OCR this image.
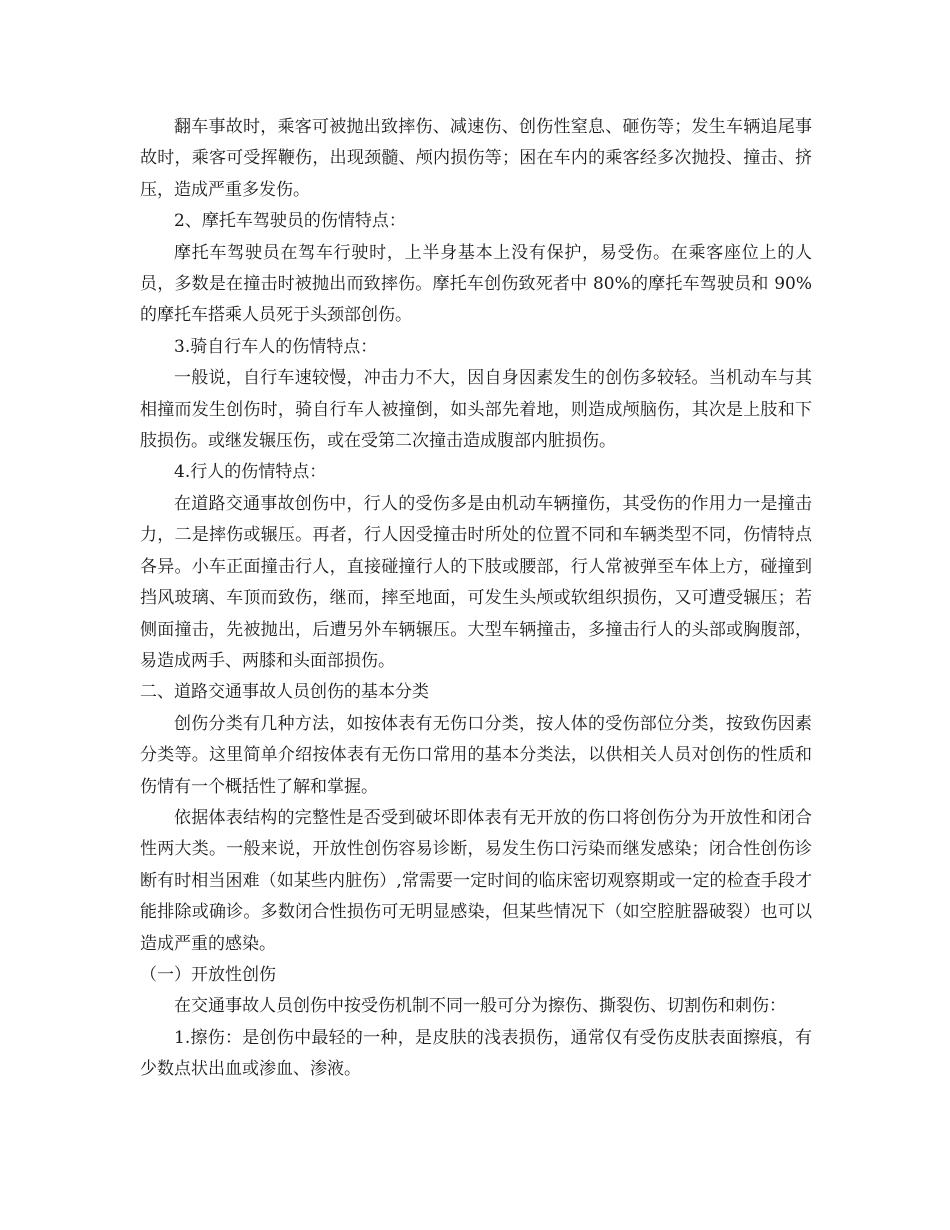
翻车事故时，乘客可被抛出致摔伤、减速伤、创伤性窒息、砸伤等；发生车辆追尾事故时，乘客可受挥鞭伤，出现颈髓、颅内损伤等；困在车内的乘客经多次抛投、撞击、挤压，造成严重多发伤。

2、摩托车驾驶员的伤情特点：

摩托车驾驶员在驾车行驶时，上半身基本上没有保护，易受伤。在乘客座位上的人员，多数是在撞击时被抛出而致摔伤。摩托车创伤致死者中 80%的摩托车驾驶员和 90%的摩托车搭乘人员死于头颈部创伤。

3.骑自行车人的伤情特点：

一般说，自行车速较慢，冲击力不大，因自身因素发生的创伤多较轻。当机动车与其相撞而发生创伤时，骑自行车人被撞倒，如头部先着地，则造成颅脑伤，其次是上肢和下肢损伤。或继发辗压伤，或在受第二次撞击造成腹部内脏损伤。

4.行人的伤情特点：

在道路交通事故创伤中，行人的受伤多是由机动车辆撞伤，其受伤的作用力一是撞击力，二是摔伤或辗压。再者，行人因受撞击时所处的位置不同和车辆类型不同，伤情特点各异。小车正面撞击行人，直接碰撞行人的下肢或腰部，行人常被弹至车体上方，碰撞到挡风玻璃、车顶而致伤，继而，摔至地面，可发生头颅或软组织损伤，又可遭受辗压；若侧面撞击，先被抛出，后遭另外车辆辗压。大型车辆撞击，多撞击行人的头部或胸腹部，易造成两手、两膝和头面部损伤。

二、道路交通事故人员创伤的基本分类

创伤分类有几种方法，如按体表有无伤口分类，按人体的受伤部位分类，按致伤因素分类等。这里简单介绍按体表有无伤口常用的基本分类法，以供相关人员对创伤的性质和伤情有一个概括性了解和掌握。

依据体表结构的完整性是否受到破坏即体表有无开放的伤口将创伤分为开放性和闭合性两大类。一般来说，开放性创伤容易诊断，易发生伤口污染而继发感染；闭合性创伤诊断有时相当困难（如某些内脏伤）,常需要一定时间的临床密切观察期或一定的检查手段才能排除或确诊。多数闭合性损伤可无明显感染，但某些情况下（如空腔脏器破裂）也可以造成严重的感染。

（一）开放性创伤

在交通事故人员创伤中按受伤机制不同一般可分为擦伤、撕裂伤、切割伤和刺伤：

1.擦伤：是创伤中最轻的一种，是皮肤的浅表损伤，通常仅有受伤皮肤表面擦痕，有少数点状出血或渗血、渗液。
